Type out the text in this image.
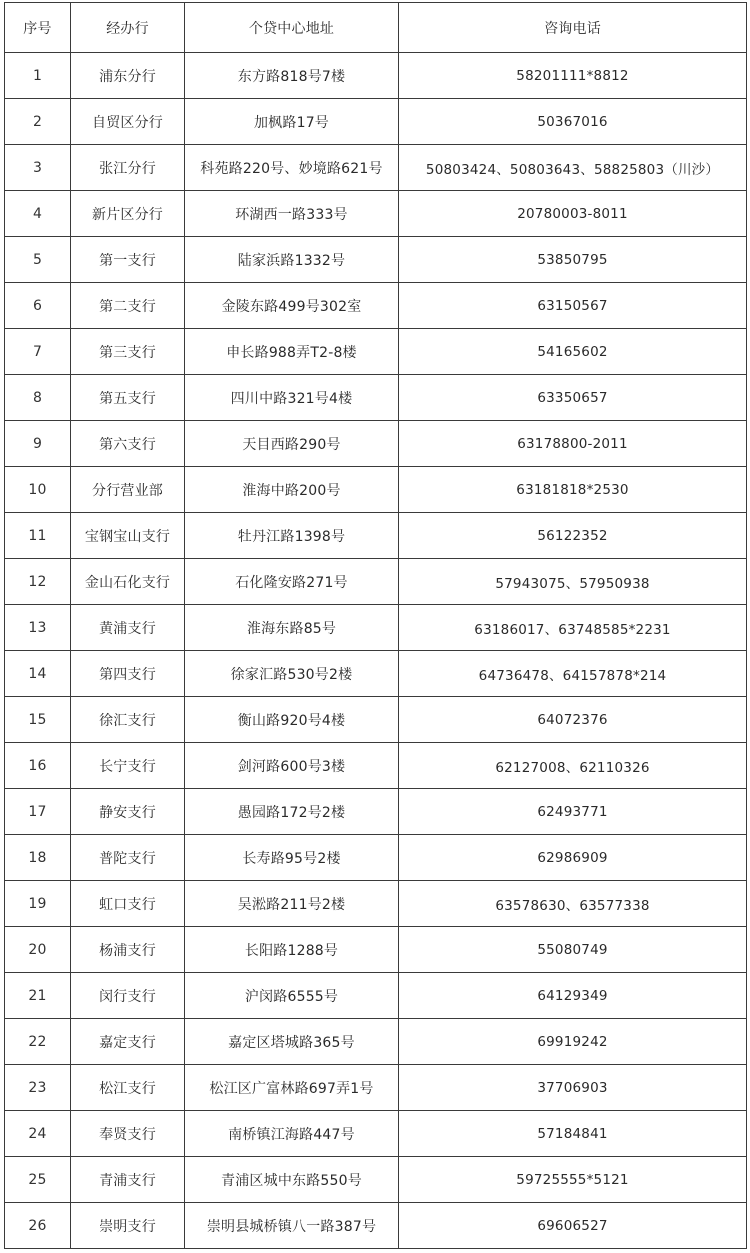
序号	经办行	个贷中心地址	咨询电话
1	浦东分行	东方路818号7楼	58201111*8812
2	自贸区分行	加枫路17号	50367016
3	张江分行	科苑路220号、妙境路621号	50803424、50803643、58825803（川沙）
4	新片区分行	环湖西一路333号	20780003-8011
5	第一支行	陆家浜路1332号	53850795
6	第二支行	金陵东路499号302室	63150567
7	第三支行	申长路988弄T2-8楼	54165602
8	第五支行	四川中路321号4楼	63350657
9	第六支行	天目西路290号	63178800-2011
10	分行营业部	淮海中路200号	63181818*2530
11	宝钢宝山支行	牡丹江路1398号	56122352
12	金山石化支行	石化隆安路271号	57943075、57950938
13	黄浦支行	淮海东路85号	63186017、63748585*2231
14	第四支行	徐家汇路530号2楼	64736478、64157878*214
15	徐汇支行	衡山路920号4楼	64072376
16	长宁支行	剑河路600号3楼	62127008、62110326
17	静安支行	愚园路172号2楼	62493771
18	普陀支行	长寿路95号2楼	62986909
19	虹口支行	吴淞路211号2楼	63578630、63577338
20	杨浦支行	长阳路1288号	55080749
21	闵行支行	沪闵路6555号	64129349
22	嘉定支行	嘉定区塔城路365号	69919242
23	松江支行	松江区广富林路697弄1号	37706903
24	奉贤支行	南桥镇江海路447号	57184841
25	青浦支行	青浦区城中东路550号	59725555*5121
26	崇明支行	崇明县城桥镇八一路387号	69606527
